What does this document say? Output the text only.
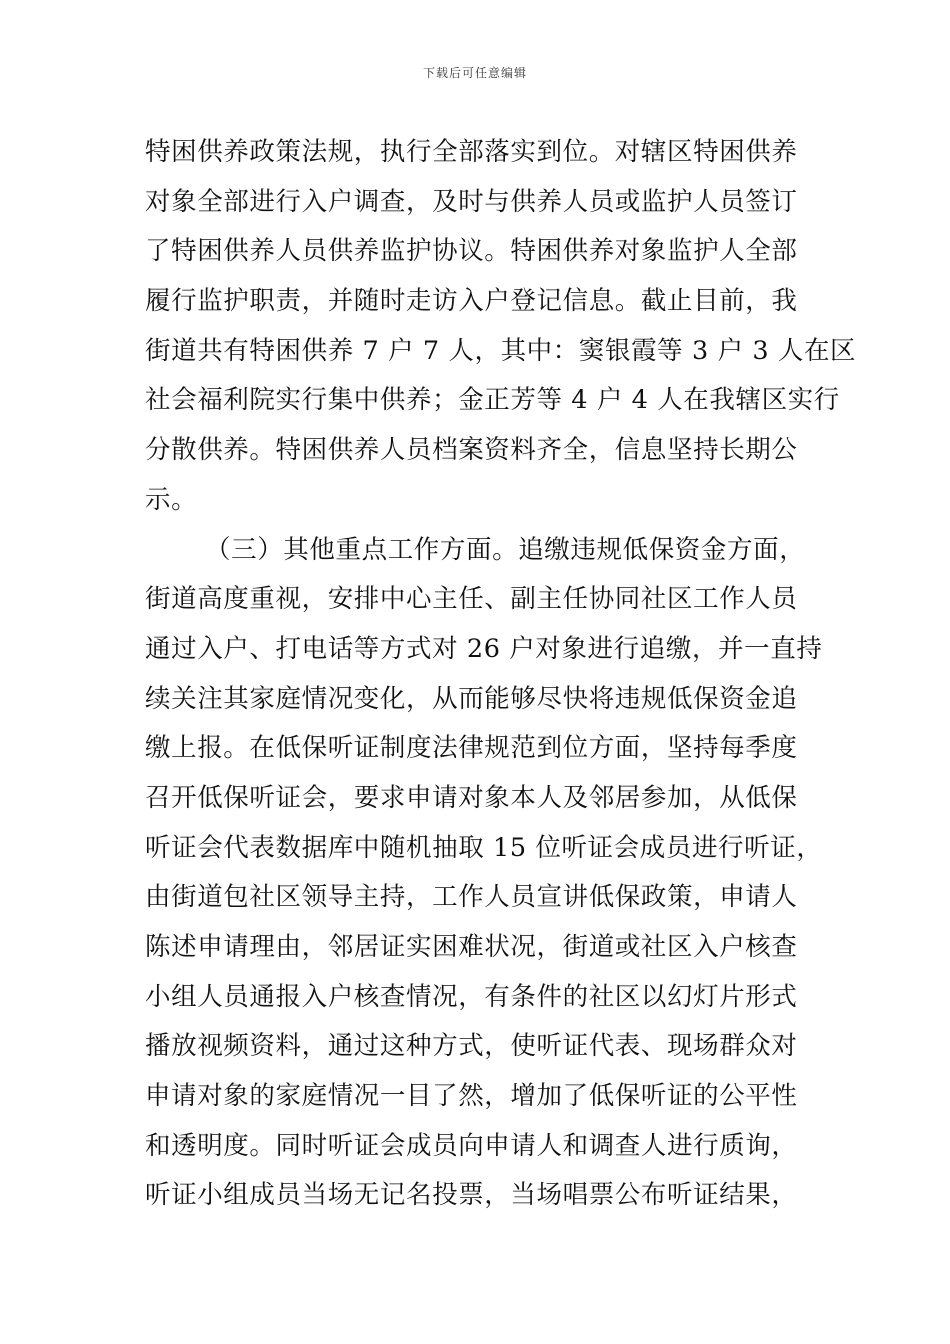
下载后可任意编辑
特困供养政策法规，执行全部落实到位。对辖区特困供养
对象全部进行入户调查，及时与供养人员或监护人员签订
了特困供养人员供养监护协议。特困供养对象监护人全部
履行监护职责，并随时走访入户登记信息。截止目前，我
街道共有特困供养 7 户 7 人，其中：窦银霞等 3 户 3 人在区
社会福利院实行集中供养；金正芳等 4 户 4 人在我辖区实行
分散供养。特困供养人员档案资料齐全，信息坚持长期公
示。
（三）其他重点工作方面。追缴违规低保资金方面，
街道高度重视，安排中心主任、副主任协同社区工作人员
通过入户、打电话等方式对 26 户对象进行追缴，并一直持
续关注其家庭情况变化，从而能够尽快将违规低保资金追
缴上报。在低保听证制度法律规范到位方面，坚持每季度
召开低保听证会，要求申请对象本人及邻居参加，从低保
听证会代表数据库中随机抽取 15 位听证会成员进行听证，
由街道包社区领导主持，工作人员宣讲低保政策，申请人
陈述申请理由，邻居证实困难状况，街道或社区入户核查
小组人员通报入户核查情况，有条件的社区以幻灯片形式
播放视频资料，通过这种方式，使听证代表、现场群众对
申请对象的家庭情况一目了然，增加了低保听证的公平性
和透明度。同时听证会成员向申请人和调查人进行质询，
听证小组成员当场无记名投票，当场唱票公布听证结果，
